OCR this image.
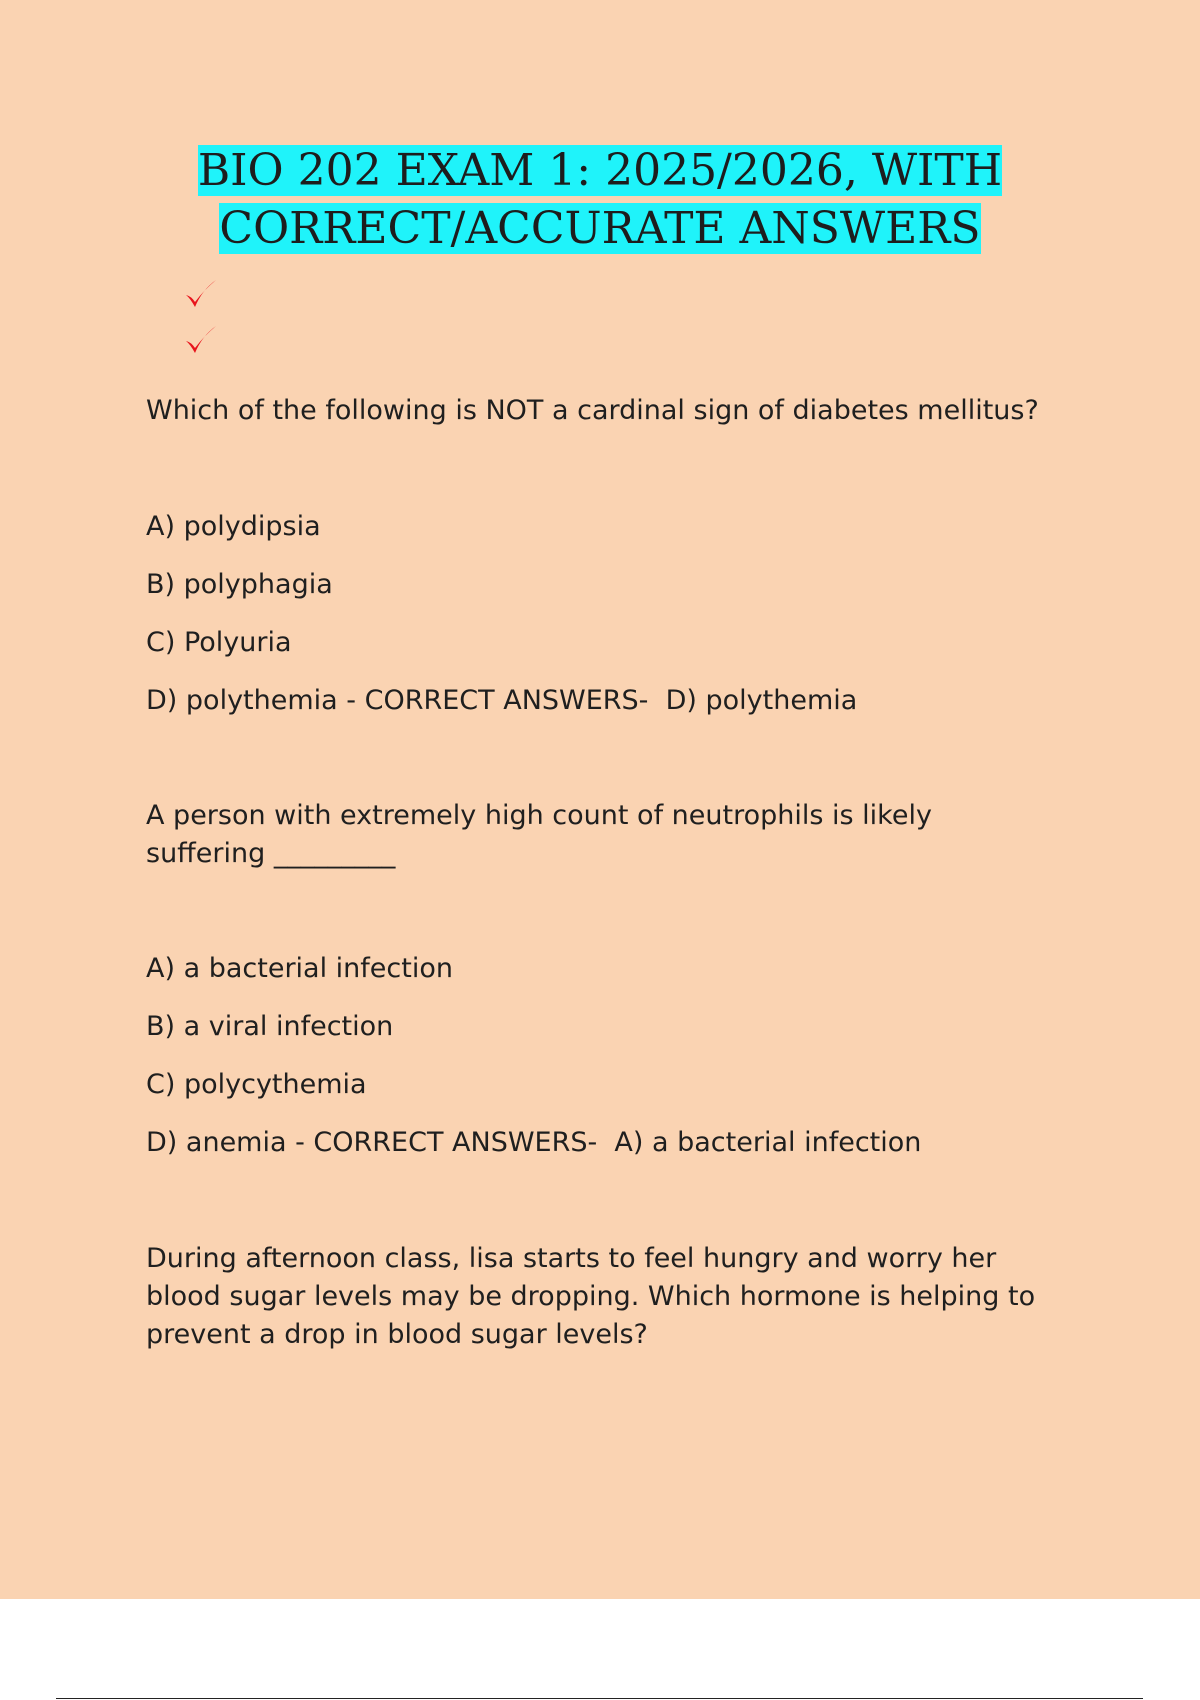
BIO 202 EXAM 1: 2025/2026, WITH
CORRECT/ACCURATE ANSWERS

Which of the following is NOT a cardinal sign of diabetes mellitus?

A) polydipsia

B) polyphagia

C) Polyuria

D) polythemia - CORRECT ANSWERS-  D) polythemia

A person with extremely high count of neutrophils is likely

suffering _________

A) a bacterial infection

B) a viral infection

C) polycythemia

D) anemia - CORRECT ANSWERS-  A) a bacterial infection

During afternoon class, lisa starts to feel hungry and worry her

blood sugar levels may be dropping. Which hormone is helping to

prevent a drop in blood sugar levels?
